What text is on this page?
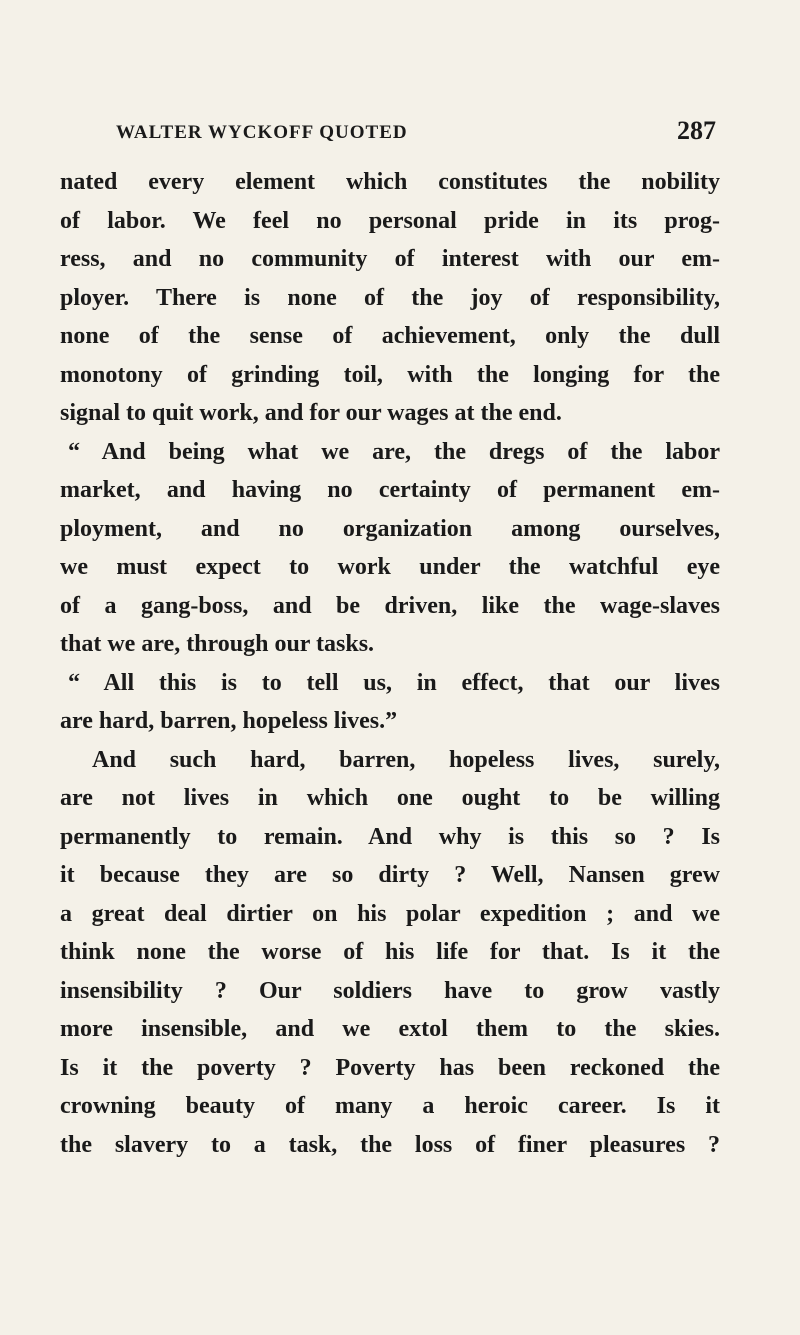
WALTER WYCKOFF QUOTED	287
nated every element which constitutes the nobility
of labor. We feel no personal pride in its prog-
ress, and no community of interest with our em-
ployer. There is none of the joy of responsibility,
none of the sense of achievement, only the dull
monotony of grinding toil, with the longing for the
signal to quit work, and for our wages at the end.
“ And being what we are, the dregs of the labor
market, and having no certainty of permanent em-
ployment, and no organization among ourselves,
we must expect to work under the watchful eye
of a gang-boss, and be driven, like the wage-slaves
that we are, through our tasks.
“ All this is to tell us, in effect, that our lives
are hard, barren, hopeless lives.”
And such hard, barren, hopeless lives, surely,
are not lives in which one ought to be willing
permanently to remain. And why is this so ? Is
it because they are so dirty ? Well, Nansen grew
a great deal dirtier on his polar expedition ; and we
think none the worse of his life for that. Is it the
insensibility ? Our soldiers have to grow vastly
more insensible, and we extol them to the skies.
Is it the poverty ? Poverty has been reckoned the
crowning beauty of many a heroic career. Is it
the slavery to a task, the loss of finer pleasures ?
